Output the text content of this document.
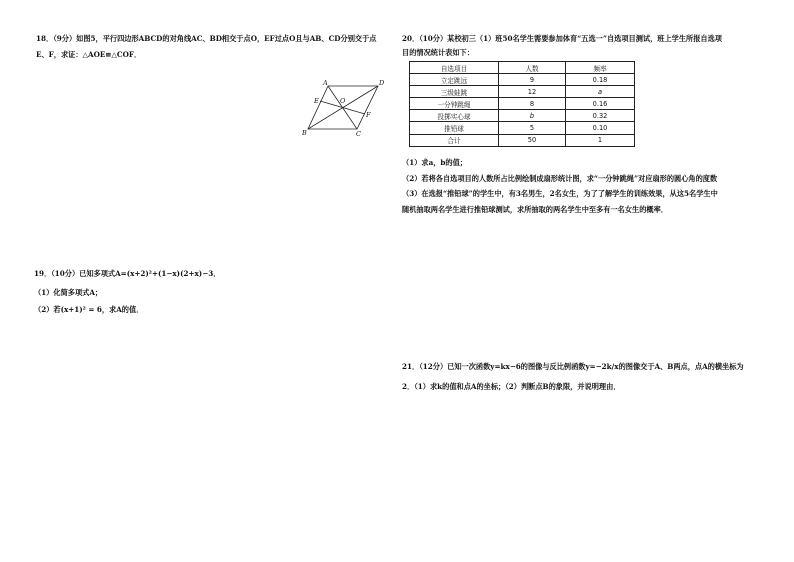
18．（9分）如图5，平行四边形ABCD的对角线AC、BD相交于点O，EF过点O且与AB、CD分别交于点
E、F，求证：△AOE≌△COF．
A	D
E	O
F
B	C
19．（10分）已知多项式A=(x+2)²+(1−x)(2+x)−3．
（1）化简多项式A；
（2）若(x+1)² = 6，求A的值．
20．（10分）某校初三（1）班50名学生需要参加体育“五选一”自选项目测试，班上学生所报自选项
目的情况统计表如下：
自选项目	人数	频率
立定跳远	9	0.18
三级蛙跳	12	a
一分钟跳绳	8	0.16
投掷实心球	b	0.32
推铅球	5	0.10
合计	50	1
（1）求a，b的值；
（2）若将各自选项目的人数所占比例绘制成扇形统计图，求“一分钟跳绳”对应扇形的圆心角的度数
（3）在选报“推铅球”的学生中，有3名男生，2名女生，为了了解学生的训练效果，从这5名学生中
随机抽取两名学生进行推铅球测试，求所抽取的两名学生中至多有一名女生的概率．
21．（12分）已知一次函数y=kx−6的图像与反比例函数y=−2k/x的图像交于A、B两点，点A的横坐标为
2．（1）求k的值和点A的坐标；（2）判断点B的象限，并说明理由．
